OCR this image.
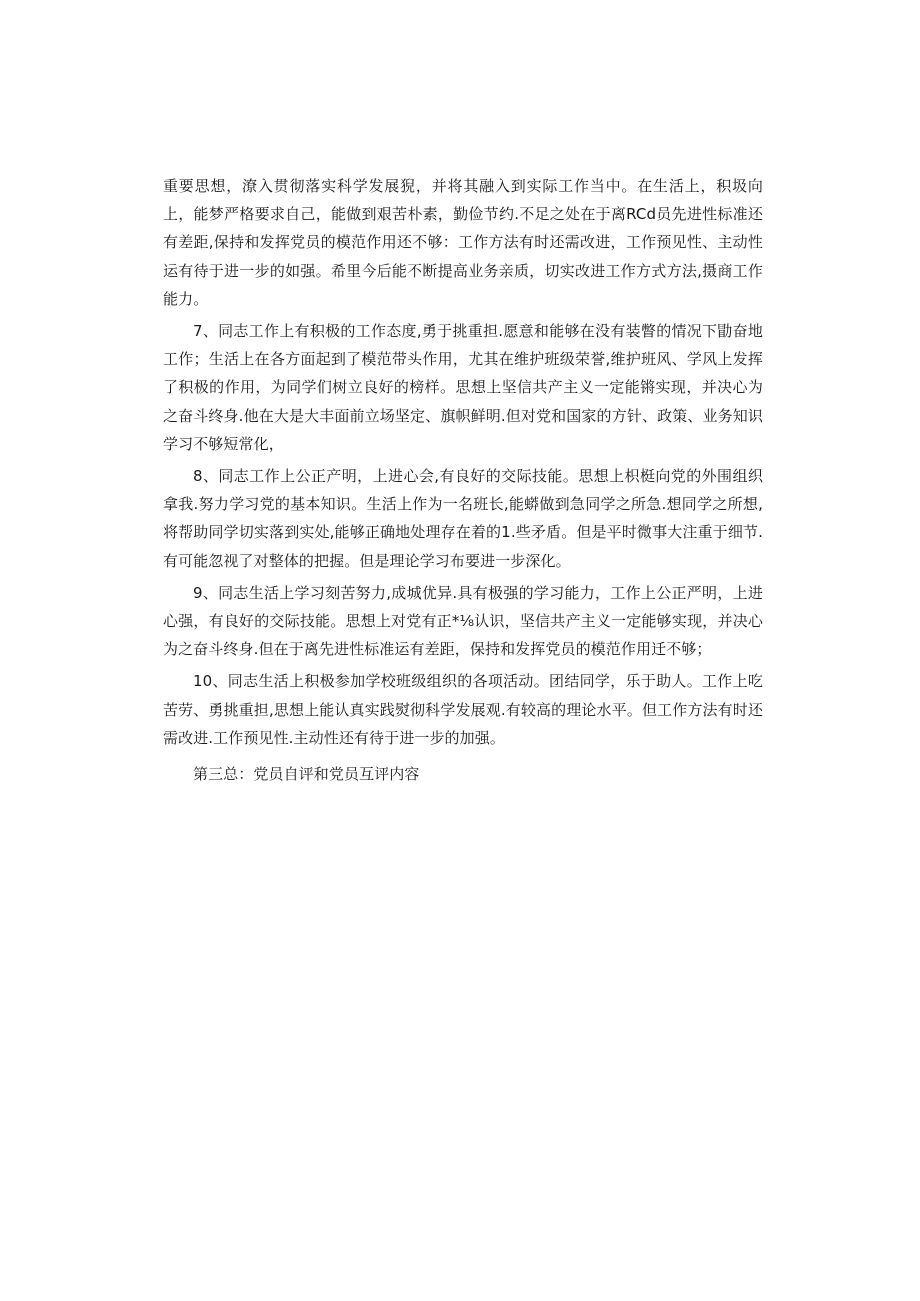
重要思想，潦入贯彻落实科学发展猊，并将其融入到实际工作当中。在生活上，积圾向上，能梦严格要求自己，能做到艰苦朴素，勤俭节约.不足之处在于离RCd员先进性标准还有差距,保持和发挥党员的模范作用还不够：工作方法有时还需改进，工作预见性、主动性运有待于进一步的如强。希里今后能不断提高业务亲质，切实改进工作方式方法,摄商工作能力。

7、同志工作上有积极的工作态度,勇于挑重担.愿意和能够在没有装瞥的情况下勖奋地工作；生活上在各方面起到了模范带头作用，尤其在维护班级荣誉,维护班风、学风上发挥了积极的作用，为同学们树立良好的榜样。思想上坚信共产主义一定能锵实现，并决心为之奋斗终身.他在大是大丰面前立场坚定、旗帜鲜明.但对党和国家的方针、政策、业务知识学习不够短常化，

8、同志工作上公正产明，上进心会,有良好的交际技能。思想上枳梃向党的外围组织拿我.努力学习党的基本知识。生活上作为一名班长,能蟒做到急同学之所急.想同学之所想,将帮助同学切实落到实处,能够正确地处理存在着的1.些矛盾。但是平时微事大注重于细节.有可能忽视了对整体的把握。但是理论学习布要进一步深化。

9、同志生活上学习刻苦努力,成城优异.具有极强的学习能力，工作上公正严明，上进心强，有良好的交际技能。思想上对党有正*⅛认识，坚信共产主义一定能够实现，并决心为之奋斗终身.但在于离先进性标准运有差距，保持和发挥党员的模范作用迁不够；

10、同志生活上积极参加学校班级组织的各项活动。团结同学，乐于助人。工作上吃苦劳、勇挑重担,思想上能认真实践熨彻科学发展观.有较高的理论水平。但工作方法有时还需改进.工作预见性.主动性还有待于进一步的加强。

第三总：党员自评和党员互评内容
